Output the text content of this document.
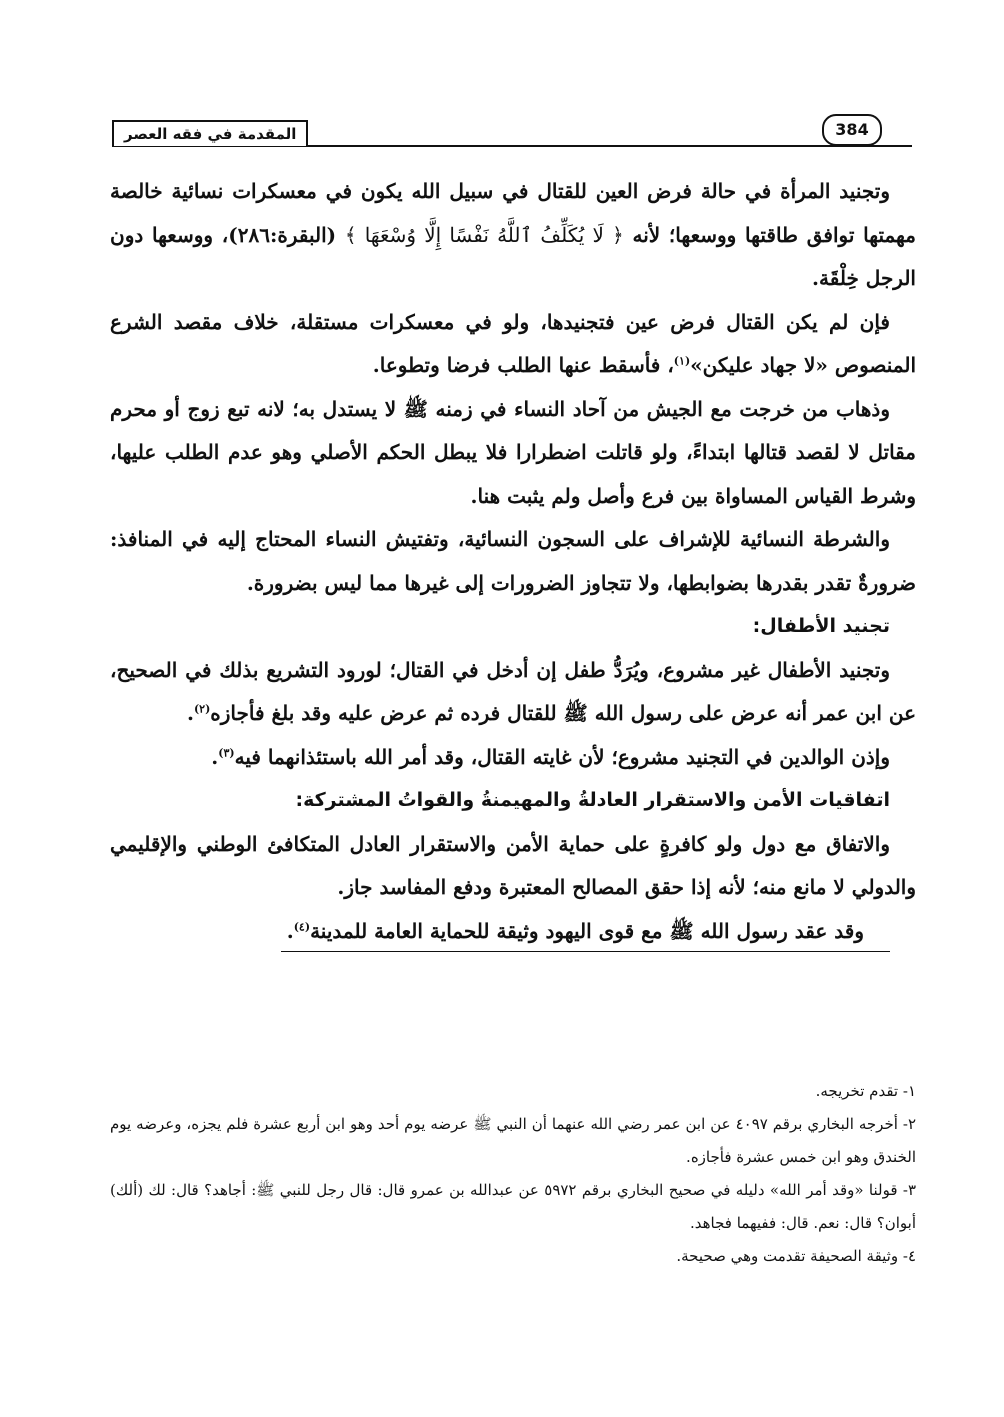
المقدمة في فقه العصر	384

وتجنيد المرأة في حالة فرض العين للقتال في سبيل الله يكون في معسكرات نسائية خالصة مهمتها توافق طاقتها ووسعها؛ لأنه ﴿ لَا يُكَلِّفُ ٱللَّهُ نَفْسًا إِلَّا وُسْعَهَا ﴾ (البقرة:٢٨٦)، ووسعها دون الرجل خِلْقَة.

فإن لم يكن القتال فرض عين فتجنيدها، ولو في معسكرات مستقلة، خلاف مقصد الشرع المنصوص «لا جهاد عليكن»$^{(١)}$، فأسقط عنها الطلب فرضا وتطوعا.

وذهاب من خرجت مع الجيش من آحاد النساء في زمنه ﷺ لا يستدل به؛ لانه تبع زوج أو محرم مقاتل لا لقصد قتالها ابتداءً، ولو قاتلت اضطرارا فلا يبطل الحكم الأصلي وهو عدم الطلب عليها، وشرط القياس المساواة بين فرع وأصل ولم يثبت هنا.

والشرطة النسائية للإشراف على السجون النسائية، وتفتيش النساء المحتاج إليه في المنافذ: ضرورةٌ تقدر بقدرها بضوابطها، ولا تتجاوز الضرورات إلى غيرها مما ليس بضرورة.

تجنيد الأطفال:

وتجنيد الأطفال غير مشروع، ويُرَدُّ طفل إن أدخل في القتال؛ لورود التشريع بذلك في الصحيح، عن ابن عمر أنه عرض على رسول الله ﷺ للقتال فرده ثم عرض عليه وقد بلغ فأجازه$^{(٢)}$.

وإذن الوالدين في التجنيد مشروع؛ لأن غايته القتال، وقد أمر الله باستئذانهما فيه$^{(٣)}$.

اتفاقيات الأمن والاستقرار العادلةُ والمهيمنةُ والقواتُ المشتركة:

والاتفاق مع دول ولو كافرةٍ على حماية الأمن والاستقرار العادل المتكافئ الوطني والإقليمي والدولي لا مانع منه؛ لأنه إذا حقق المصالح المعتبرة ودفع المفاسد جاز.

وقد عقد رسول الله ﷺ مع قوى اليهود وثيقة للحماية العامة للمدينة$^{(٤)}$.

١- تقدم تخريجه.

٢- أخرجه البخاري برقم ٤٠٩٧ عن ابن عمر رضي الله عنهما أن النبي ﷺ عرضه يوم أحد وهو ابن أربع عشرة فلم يجزه، وعرضه يوم الخندق وهو ابن خمس عشرة فأجازه.

٣- قولنا «وقد أمر الله» دليله في صحيح البخاري برقم ٥٩٧٢ عن عبدالله بن عمرو قال: قال رجل للنبي ﷺ: أجاهد؟ قال: لك (ألك) أبوان؟ قال: نعم. قال: ففيهما فجاهد.

٤- وثيقة الصحيفة تقدمت وهي صحيحة.
